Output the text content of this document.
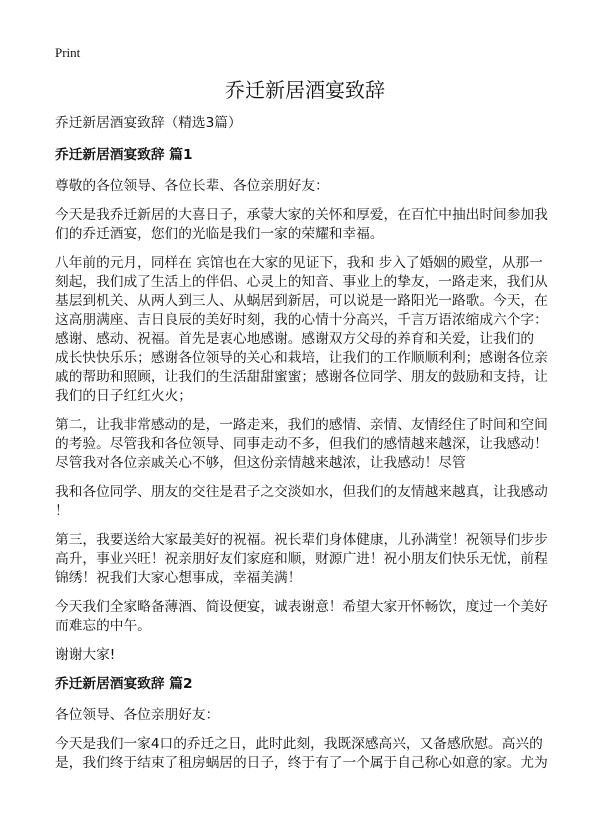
Print
乔迁新居酒宴致辞
乔迁新居酒宴致辞（精选3篇）
乔迁新居酒宴致辞 篇1

尊敬的各位领导、各位长辈、各位亲朋好友：

今天是我乔迁新居的大喜日子，承蒙大家的关怀和厚爱，在百忙中抽出时间参加我
们的乔迁酒宴，您们的光临是我们一家的荣耀和幸福。

八年前的元月，同样在 宾馆也在大家的见证下，我和 步入了婚姻的殿堂，从那一
刻起，我们成了生活上的伴侣、心灵上的知音、事业上的挚友，一路走来，我们从
基层到机关、从两人到三人、从蜗居到新居，可以说是一路阳光一路歌。今天，在
这高朋满座、吉日良辰的美好时刻，我的心情十分高兴，千言万语浓缩成六个字：
感谢、感动、祝福。首先是衷心地感谢。感谢双方父母的养育和关爱，让我们的
成长快快乐乐；感谢各位领导的关心和栽培，让我们的工作顺顺利利；感谢各位亲
戚的帮助和照顾，让我们的生活甜甜蜜蜜；感谢各位同学、朋友的鼓励和支持，让
我们的日子红红火火；

第二，让我非常感动的是，一路走来，我们的感情、亲情、友情经住了时间和空间
的考验。尽管我和各位领导、同事走动不多，但我们的感情越来越深，让我感动！
尽管我对各位亲戚关心不够，但这份亲情越来越浓，让我感动！尽管

我和各位同学、朋友的交往是君子之交淡如水，但我们的友情越来越真，让我感动
！

第三，我要送给大家最美好的祝福。祝长辈们身体健康，儿孙满堂！祝领导们步步
高升，事业兴旺！祝亲朋好友们家庭和顺，财源广进！祝小朋友们快乐无忧，前程
锦绣！祝我们大家心想事成，幸福美满！

今天我们全家略备薄酒、简设便宴，诚表谢意！希望大家开怀畅饮，度过一个美好
而难忘的中午。

谢谢大家!

乔迁新居酒宴致辞 篇2

各位领导、各位亲朋好友：

今天是我们一家4口的乔迁之日，此时此刻，我既深感高兴，又备感欣慰。高兴的
是，我们终于结束了租房蜗居的日子，终于有了一个属于自己称心如意的家。尤为
